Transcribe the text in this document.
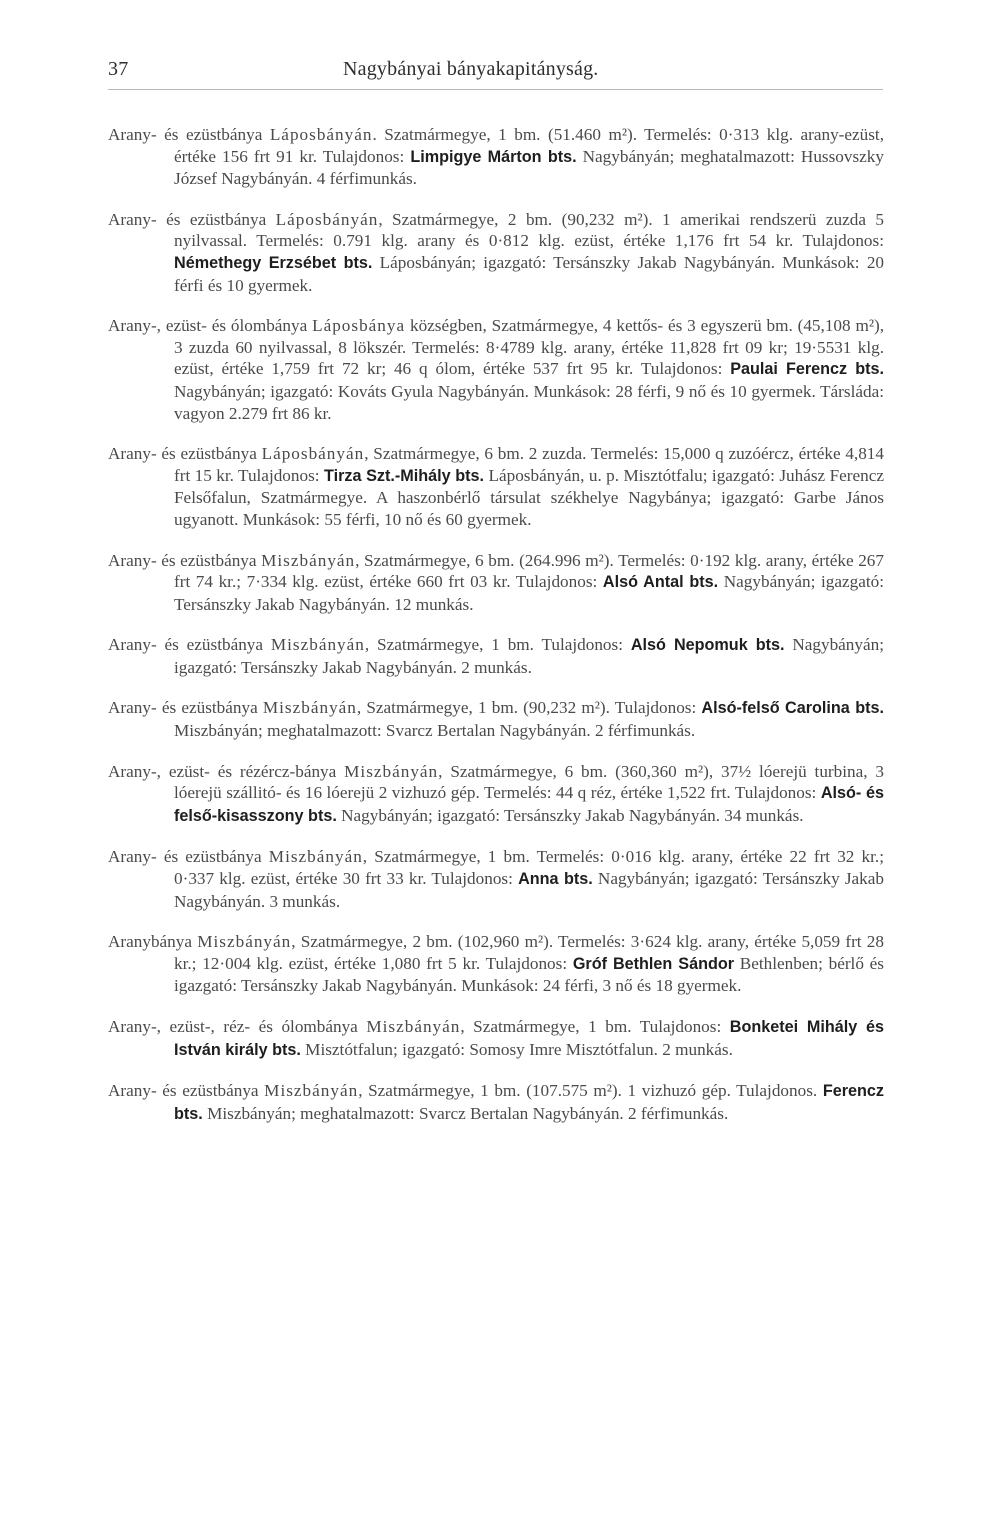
37	Nagybányai bányakapitányság.

Arany- és ezüstbánya Láposbányán. Szatmármegye, 1 bm. (51.460 m²). Termelés: 0·313 klg. arany-ezüst, értéke 156 frt 91 kr. Tulajdonos: Limpigye Márton bts. Nagybányán; meghatalmazott: Hussovszky József Nagybányán. 4 férfimunkás.

Arany- és ezüstbánya Láposbányán, Szatmármegye, 2 bm. (90,232 m²). 1 amerikai rendszerü zuzda 5 nyilvassal. Termelés: 0.791 klg. arany és 0·812 klg. ezüst, értéke 1,176 frt 54 kr. Tulajdonos: Némethegy Erzsébet bts. Láposbányán; igazgató: Tersánszky Jakab Nagybányán. Munkások: 20 férfi és 10 gyermek.

Arany-, ezüst- és ólombánya Láposbánya községben, Szatmármegye, 4 kettős- és 3 egyszerü bm. (45,108 m²), 3 zuzda 60 nyilvassal, 8 lökszér. Termelés: 8·4789 klg. arany, értéke 11,828 frt 09 kr; 19·5531 klg. ezüst, értéke 1,759 frt 72 kr; 46 q ólom, értéke 537 frt 95 kr. Tulajdonos: Paulai Ferencz bts. Nagybányán; igazgató: Kováts Gyula Nagybányán. Munkások: 28 férfi, 9 nő és 10 gyermek. Társláda: vagyon 2.279 frt 86 kr.

Arany- és ezüstbánya Láposbányán, Szatmármegye, 6 bm. 2 zuzda. Termelés: 15,000 q zuzóércz, értéke 4,814 frt 15 kr. Tulajdonos: Tirza Szt.-Mihály bts. Láposbányán, u. p. Misztótfalu; igazgató: Juhász Ferencz Felsőfalun, Szatmármegye. A haszonbérlő társulat székhelye Nagybánya; igazgató: Garbe János ugyanott. Munkások: 55 férfi, 10 nő és 60 gyermek.

Arany- és ezüstbánya Miszbányán, Szatmármegye, 6 bm. (264.996 m²). Termelés: 0·192 klg. arany, értéke 267 frt 74 kr.; 7·334 klg. ezüst, értéke 660 frt 03 kr. Tulajdonos: Alsó Antal bts. Nagybányán; igazgató: Tersánszky Jakab Nagybányán. 12 munkás.

Arany- és ezüstbánya Miszbányán, Szatmármegye, 1 bm. Tulajdonos: Alsó Nepomuk bts. Nagybányán; igazgató: Tersánszky Jakab Nagybányán. 2 munkás.

Arany- és ezüstbánya Miszbányán, Szatmármegye, 1 bm. (90,232 m²). Tulajdonos: Alsó-felső Carolina bts. Miszbányán; meghatalmazott: Svarcz Bertalan Nagybányán. 2 férfimunkás.

Arany-, ezüst- és rézércz-bánya Miszbányán, Szatmármegye, 6 bm. (360,360 m²), 37½ lóerejü turbina, 3 lóerejü szállitó- és 16 lóerejü 2 vizhuzó gép. Termelés: 44 q réz, értéke 1,522 frt. Tulajdonos: Alsó- és felső-kisasszony bts. Nagybányán; igazgató: Tersánszky Jakab Nagybányán. 34 munkás.

Arany- és ezüstbánya Miszbányán, Szatmármegye, 1 bm. Termelés: 0·016 klg. arany, értéke 22 frt 32 kr.; 0·337 klg. ezüst, értéke 30 frt 33 kr. Tulajdonos: Anna bts. Nagybányán; igazgató: Tersánszky Jakab Nagybányán. 3 munkás.

Aranybánya Miszbányán, Szatmármegye, 2 bm. (102,960 m²). Termelés: 3·624 klg. arany, értéke 5,059 frt 28 kr.; 12·004 klg. ezüst, értéke 1,080 frt 5 kr. Tulajdonos: Gróf Bethlen Sándor Bethlenben; bérlő és igazgató: Tersánszky Jakab Nagybányán. Munkások: 24 férfi, 3 nő és 18 gyermek.

Arany-, ezüst-, réz- és ólombánya Miszbányán, Szatmármegye, 1 bm. Tulajdonos: Bonketei Mihály és István király bts. Misztótfalun; igazgató: Somosy Imre Misztótfalun. 2 munkás.

Arany- és ezüstbánya Miszbányán, Szatmármegye, 1 bm. (107.575 m²). 1 vizhuzó gép. Tulajdonos. Ferencz bts. Miszbányán; meghatalmazott: Svarcz Bertalan Nagybányán. 2 férfimunkás.
